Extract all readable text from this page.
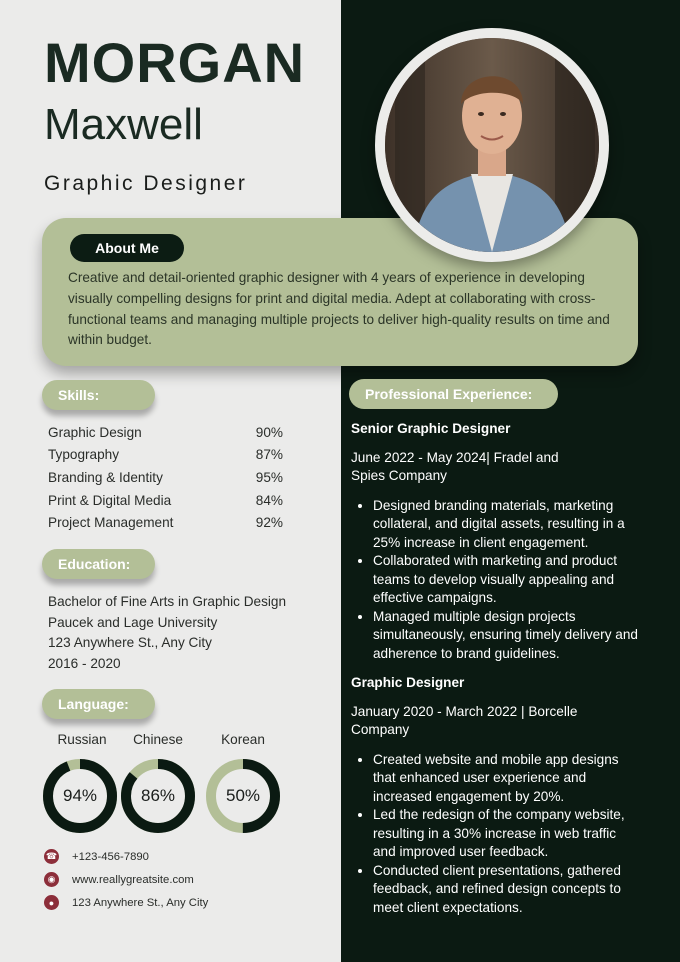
MORGAN
Maxwell
Graphic Designer
About Me
Creative and detail-oriented graphic designer with 4 years of experience in developing visually compelling designs for print and digital media. Adept at collaborating with cross-functional teams and managing multiple projects to deliver high-quality results on time and within budget.
Skills:
Graphic Design	90%
Typography	87%
Branding & Identity	95%
Print & Digital Media	84%
Project Management	92%
Education:
Bachelor of Fine Arts in Graphic Design
Paucek and Lage University
123 Anywhere St., Any City
2016 - 2020
Language:
Russian	Chinese	Korean
94%	86%	50%
☎ +123-456-7890
◉	www.reallygreatsite.com
●	123 Anywhere St., Any City
Professional Experience:
Senior Graphic Designer
June 2022 - May 2024| Fradel and Spies Company
• Designed branding materials, marketing collateral, and digital assets, resulting in a 25% increase in client engagement.
• Collaborated with marketing and product teams to develop visually appealing and effective campaigns.
• Managed multiple design projects simultaneously, ensuring timely delivery and adherence to brand guidelines.
Graphic Designer
January 2020 - March 2022 | Borcelle Company
• Created website and mobile app designs that enhanced user experience and increased engagement by 20%.
• Led the redesign of the company website, resulting in a 30% increase in web traffic and improved user feedback.
• Conducted client presentations, gathered feedback, and refined design concepts to meet client expectations.
